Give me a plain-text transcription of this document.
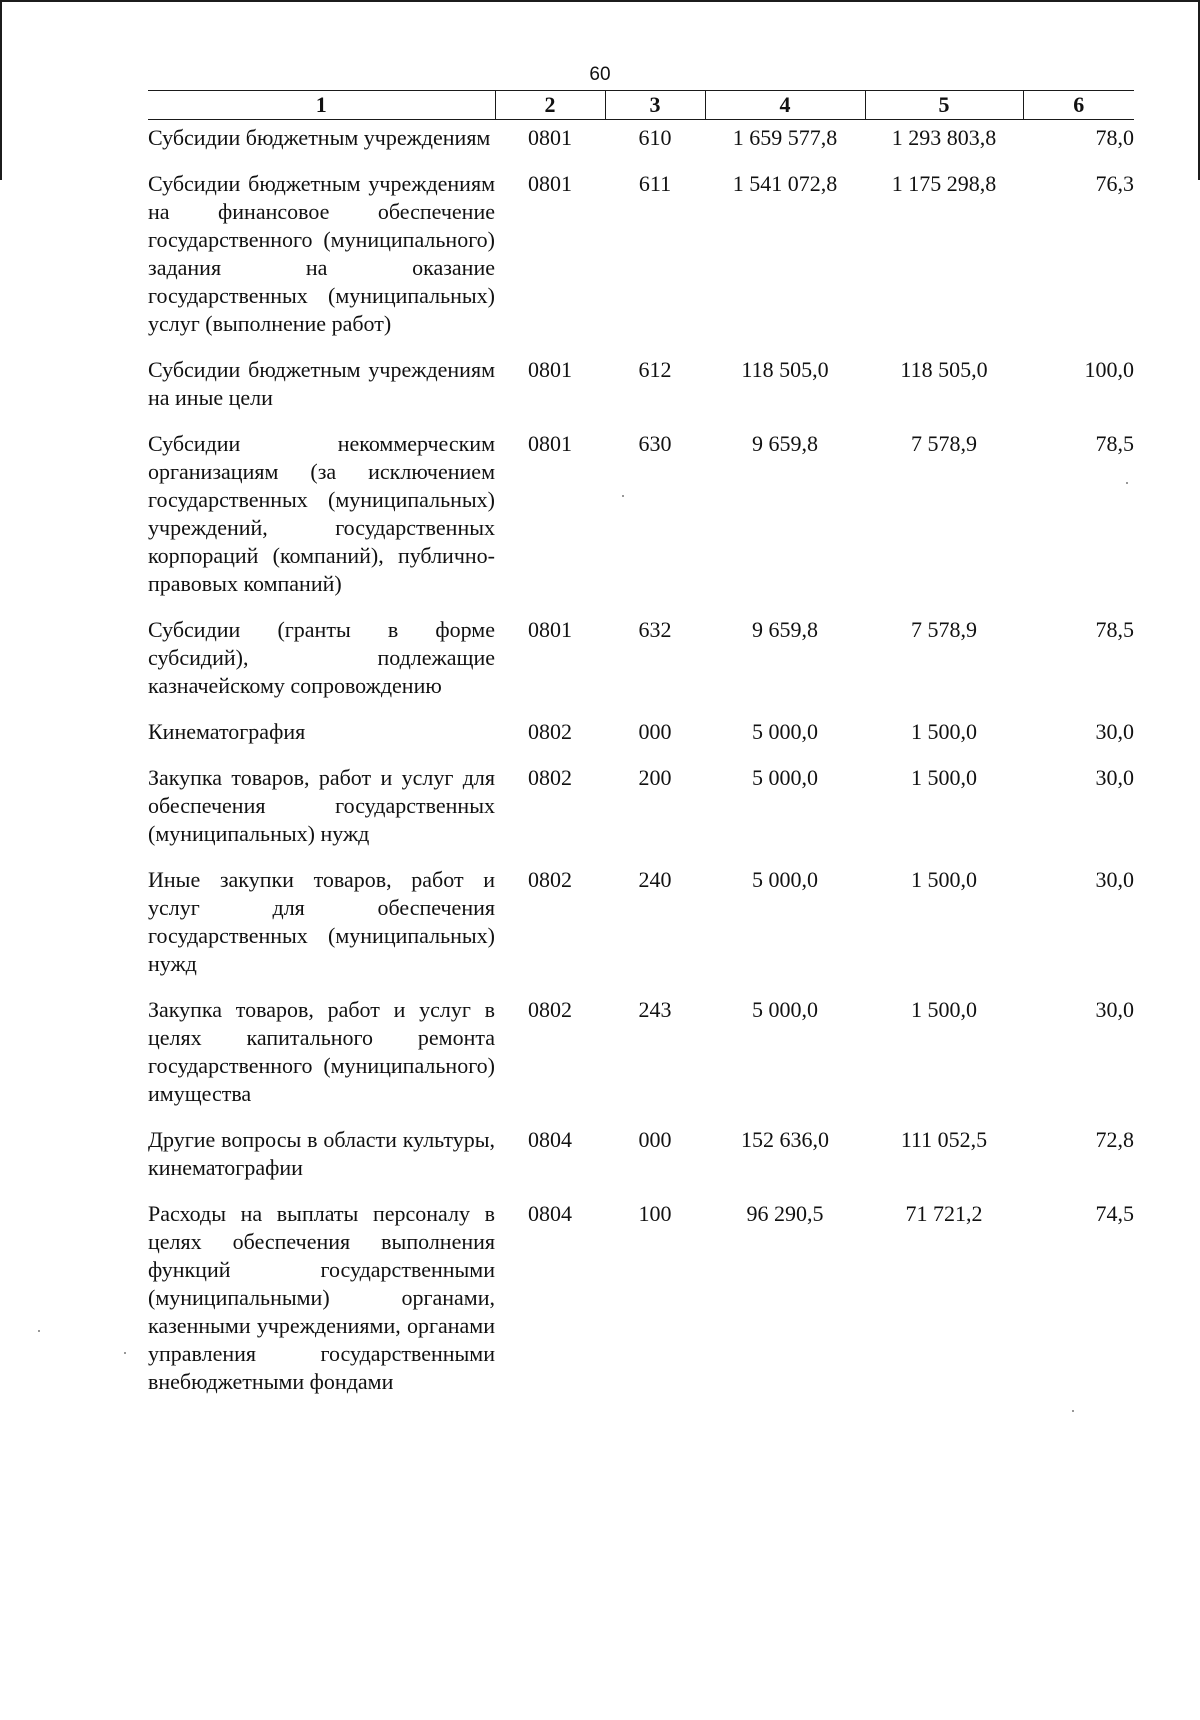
60
1	2	3	4	5	6
Субсидии бюджетным учреждениям	0801	610	1 659 577,8	1 293 803,8	78,0
Субсидии бюджетным учреждениям на финансовое обеспечение государственного (муниципального) задания на оказание государственных (муниципальных) услуг (выполнение работ)	0801	611	1 541 072,8	1 175 298,8	76,3
Субсидии бюджетным учреждениям на иные цели	0801	612	118 505,0	118 505,0	100,0
Субсидии некоммерческим организациям (за исключением государственных (муниципальных) учреждений, государственных корпораций (компаний), публично-правовых компаний)	0801	630	9 659,8	7 578,9	78,5
Субсидии (гранты в форме субсидий), подлежащие казначейскому сопровождению	0801	632	9 659,8	7 578,9	78,5
Кинематография	0802	000	5 000,0	1 500,0	30,0
Закупка товаров, работ и услуг для обеспечения государственных (муниципальных) нужд	0802	200	5 000,0	1 500,0	30,0
Иные закупки товаров, работ и услуг для обеспечения государственных (муниципальных) нужд	0802	240	5 000,0	1 500,0	30,0
Закупка товаров, работ и услуг в целях капитального ремонта государственного (муниципального) имущества	0802	243	5 000,0	1 500,0	30,0
Другие вопросы в области культуры, кинематографии	0804	000	152 636,0	111 052,5	72,8
Расходы на выплаты персоналу в целях обеспечения выполнения функций государственными (муниципальными) органами, казенными учреждениями, органами управления государственными внебюджетными фондами	0804	100	96 290,5	71 721,2	74,5
